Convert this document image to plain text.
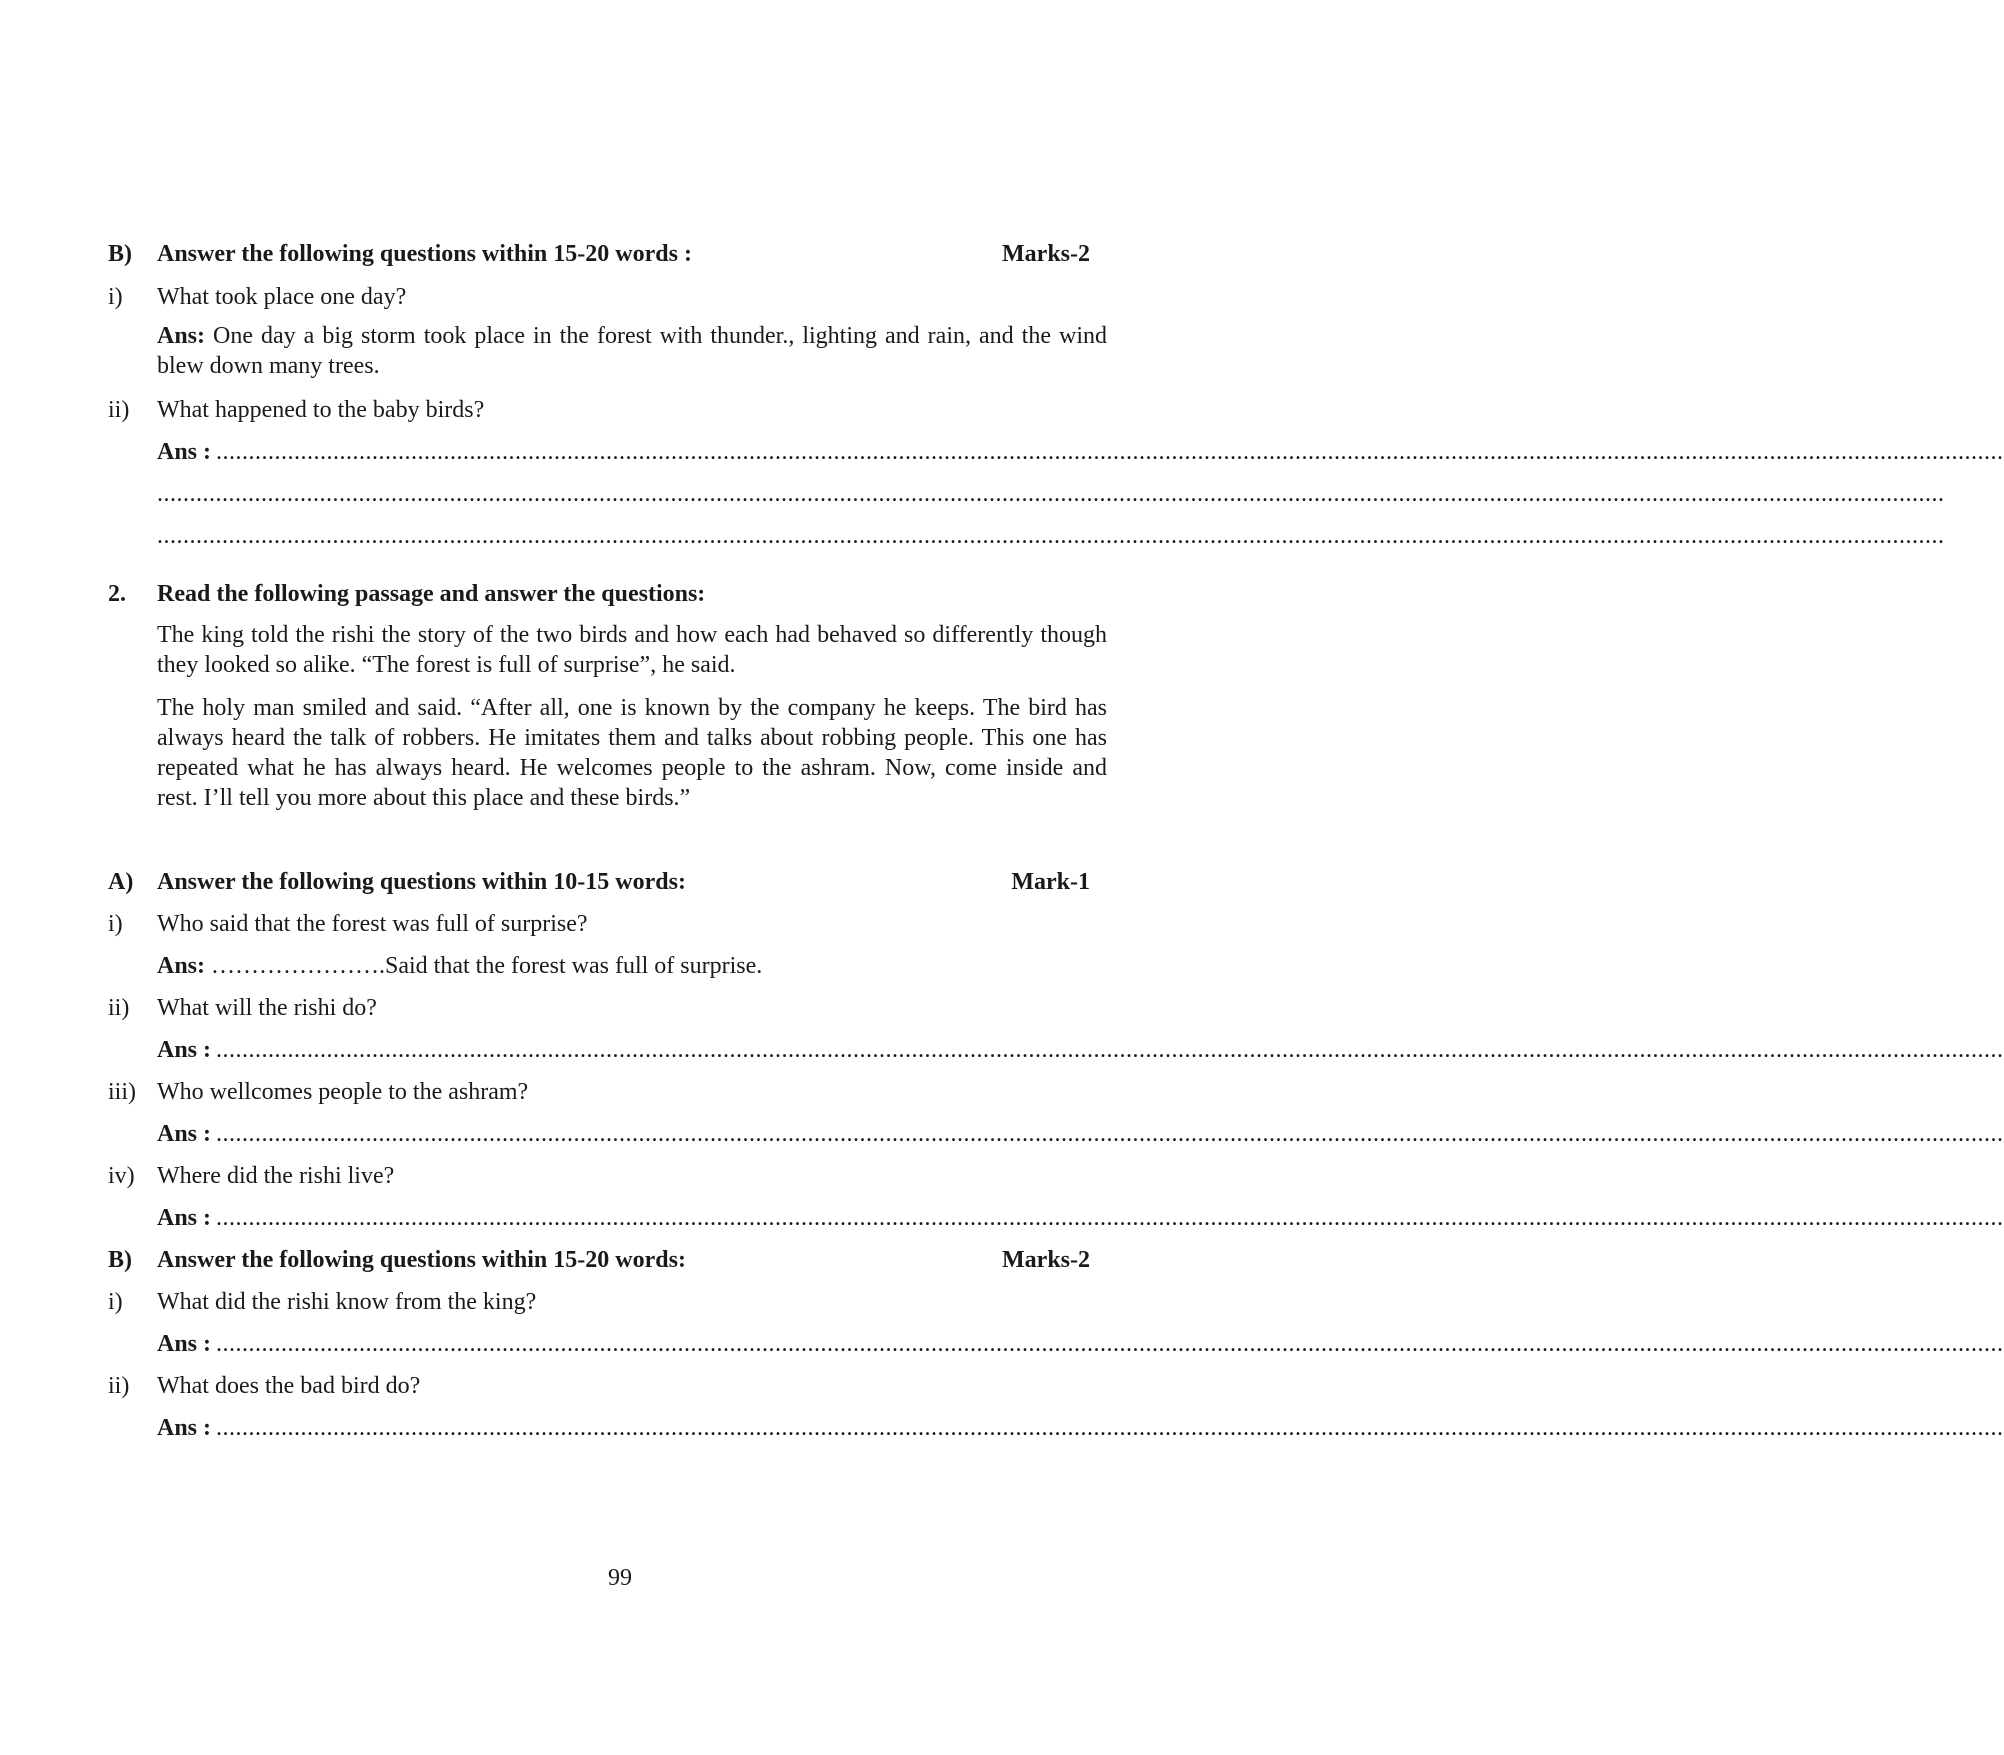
B) Answer the following questions within 15-20 words :	Marks-2
i) What took place one day?
Ans: One day a big storm took place in the forest with thunder., lighting and rain, and the wind blew down many trees.
ii) What happened to the baby birds?
Ans : ...................................................................................................................................................................................................................................................................................
...................................................................................................................................................................................................................................................................................
...................................................................................................................................................................................................................................................................................
2. Read the following passage and answer the questions:
The king told the rishi the story of the two birds and how each had behaved so differently though they looked so alike. “The forest is full of surprise”, he said.
The holy man smiled and said. “After all, one is known by the company he keeps. The bird has always heard the talk of robbers. He imitates them and talks about robbing people. This one has repeated what he has always heard. He welcomes people to the ashram. Now, come inside and rest. I’ll tell you more about this place and these birds.”
A) Answer the following questions within 10-15 words:	Mark-1
i) Who said that the forest was full of surprise?
Ans: ………………….Said that the forest was full of surprise.
ii) What will the rishi do?
Ans : ...................................................................................................................................................................................................................................................................................
iii) Who wellcomes people to the ashram?
Ans : ...................................................................................................................................................................................................................................................................................
iv) Where did the rishi live?
Ans : ...................................................................................................................................................................................................................................................................................
B) Answer the following questions within 15-20 words:	Marks-2
i) What did the rishi know from the king?
Ans : ...................................................................................................................................................................................................................................................................................
ii) What does the bad bird do?
Ans : ...................................................................................................................................................................................................................................................................................
99
